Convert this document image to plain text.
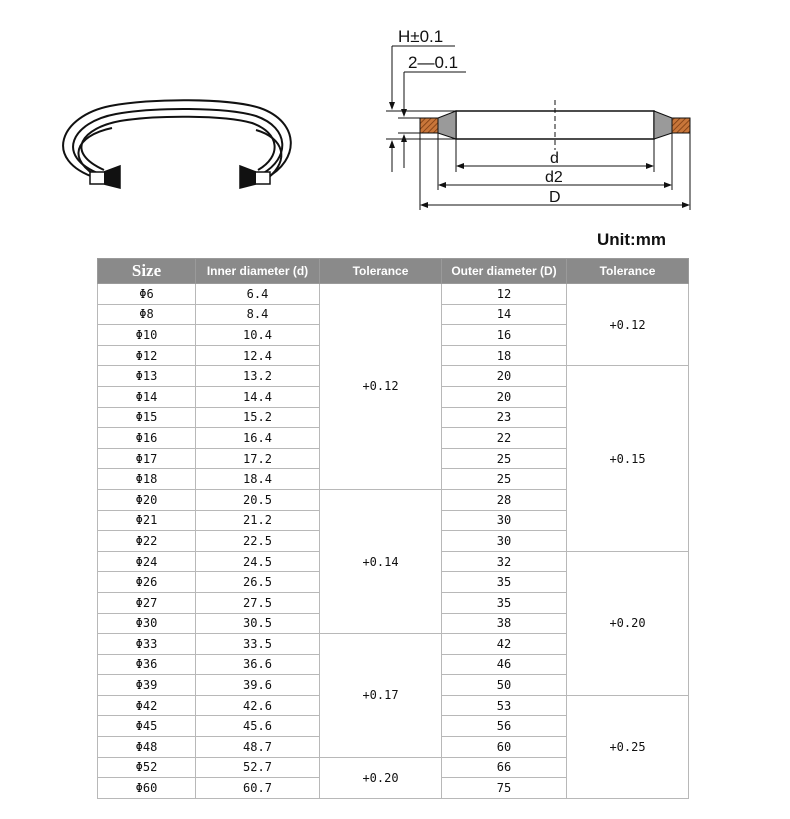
H±0.1
2—0.1
d
d2
D
Unit:mm
Size	Inner diameter (d)	Tolerance	Outer diameter (D)	Tolerance
Φ6	6.4	+0.12	12	+0.12
Φ8	8.4		14	
Φ10	10.4		16	
Φ12	12.4		18	
Φ13	13.2		20	+0.15
Φ14	14.4		20	
Φ15	15.2		23	
Φ16	16.4		22	
Φ17	17.2		25	
Φ18	18.4		25	
Φ20	20.5	+0.14	28	
Φ21	21.2		30	
Φ22	22.5		30	
Φ24	24.5		32	+0.20
Φ26	26.5		35	
Φ27	27.5		35	
Φ30	30.5		38	
Φ33	33.5	+0.17	42	
Φ36	36.6		46	
Φ39	39.6		50	
Φ42	42.6		53	+0.25
Φ45	45.6		56	
Φ48	48.7		60	
Φ52	52.7	+0.20	66	
Φ60	60.7		75	
